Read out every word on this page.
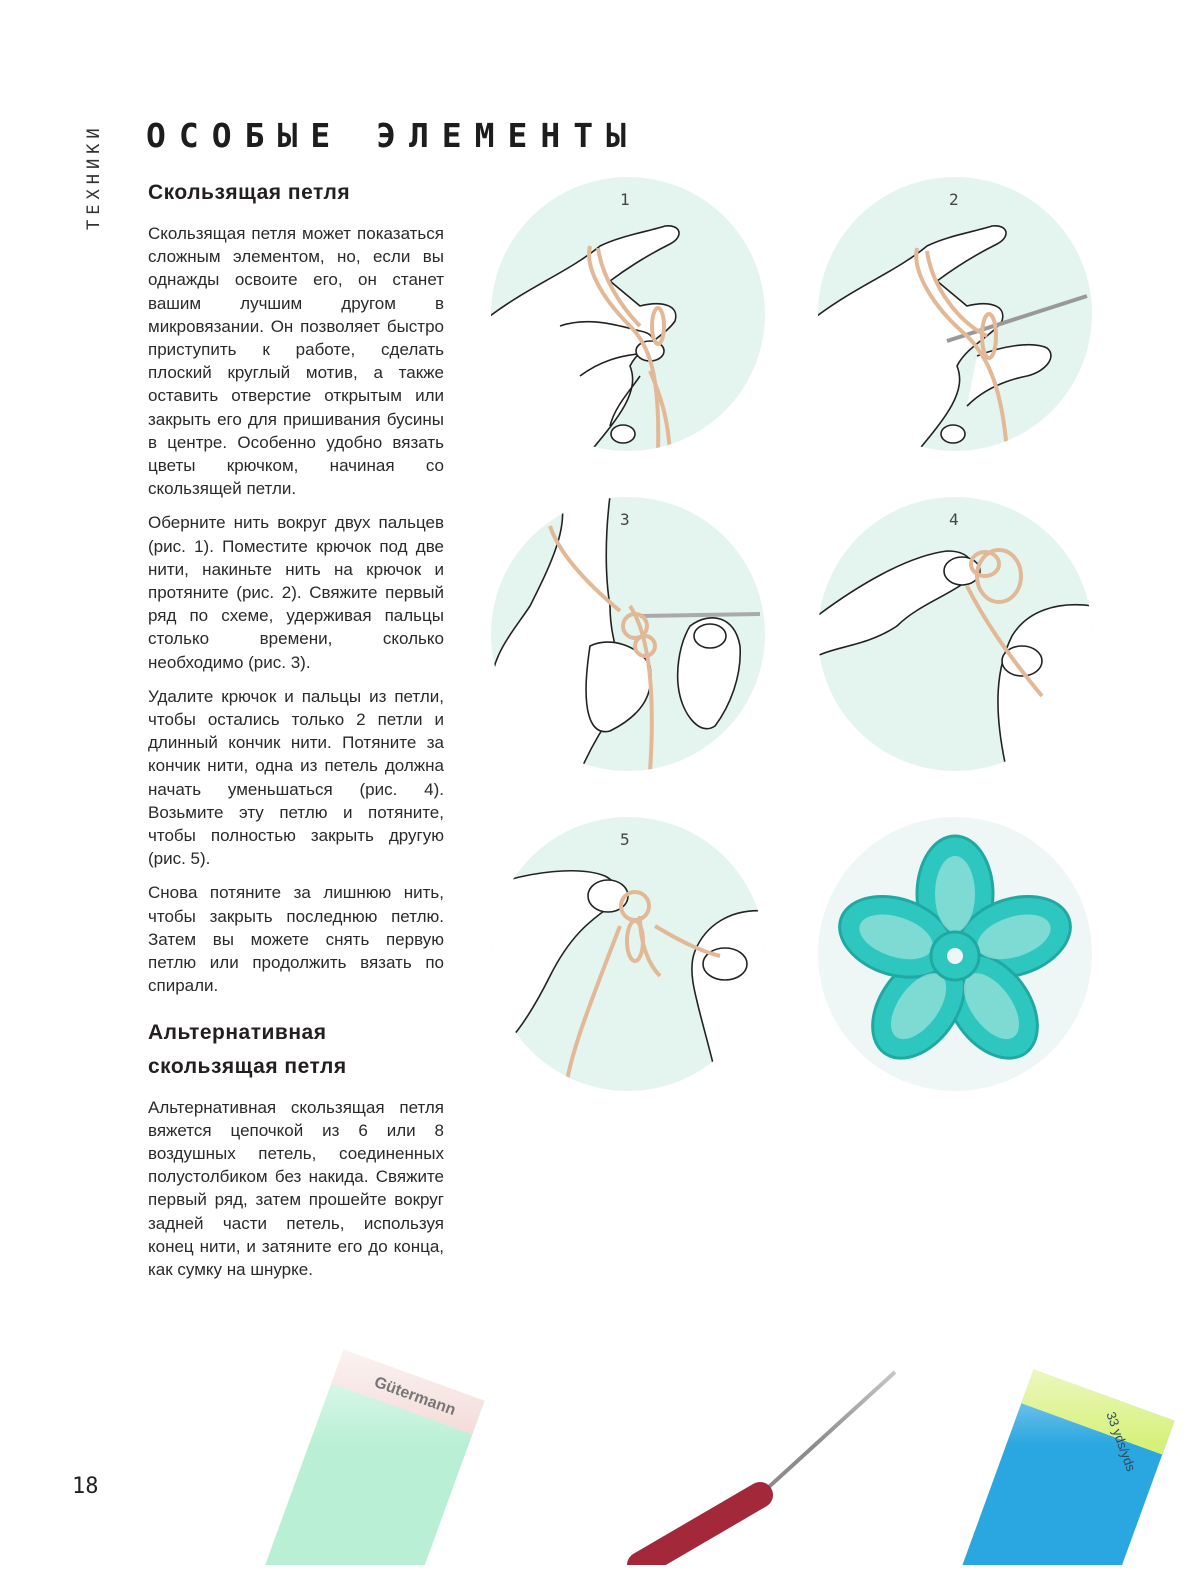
ТЕХНИКИ ОСОБЫЕ ЭЛЕМЕНТЫ
Скользящая петля

Скользящая петля может показаться сложным элементом, но, если вы однажды освоите его, он станет вашим лучшим другом в микровязании. Он позволяет быстро приступить к работе, сделать плоский круглый мотив, а также оставить отверстие открытым или закрыть его для пришивания бусины в центре. Особенно удобно вязать цветы крючком, начиная со скользящей петли.

Оберните нить вокруг двух пальцев (рис. 1). Поместите крючок под две нити, накиньте нить на крючок и протяните (рис. 2). Свяжите первый ряд по схеме, удерживая пальцы столько времени, сколько необходимо (рис. 3).

Удалите крючок и пальцы из петли, чтобы остались только 2 петли и длинный кончик нити. Потяните за кончик нити, одна из петель должна начать уменьшаться (рис. 4). Возьмите эту петлю и потяните, чтобы полностью закрыть другую (рис. 5).

Снова потяните за лишнюю нить, чтобы закрыть последнюю петлю. Затем вы можете снять первую петлю или продолжить вязать по спирали.

Альтернативная
скользящая петля

Альтернативная скользящая петля вяжется цепочкой из 6 или 8 воздушных петель, соединенных полустолбиком без накида. Свяжите первый ряд, затем прошейте вокруг задней части петель, используя конец нити, и затяните его до конца, как сумку на шнурке.

1	2
3	4
5
Gütermann
33 yds/yds
18
